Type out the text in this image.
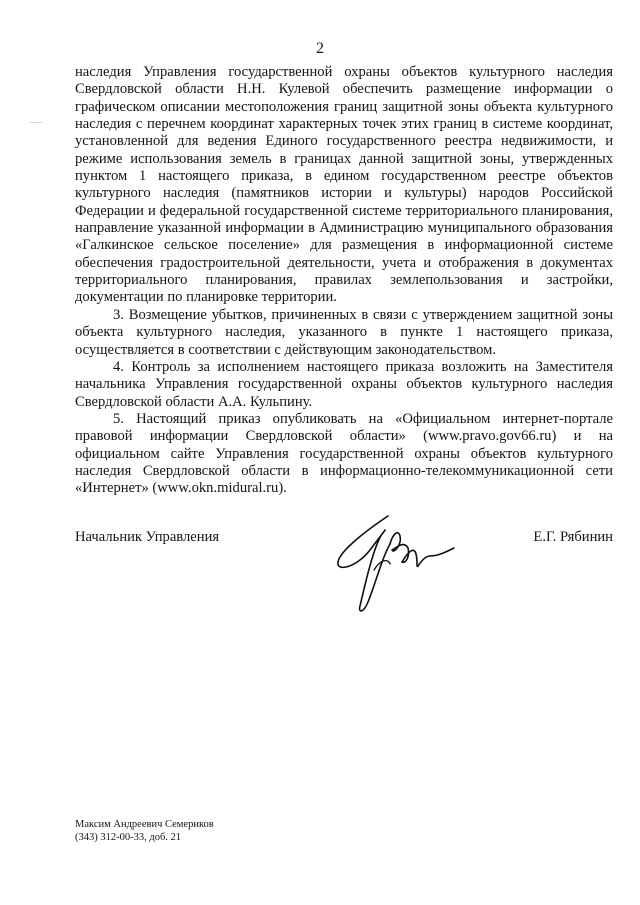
2

наследия Управления государственной охраны объектов культурного наследия Свердловской области Н.Н. Кулевой обеспечить размещение информации о графическом описании местоположения границ защитной зоны объекта культурного наследия с перечнем координат характерных точек этих границ в системе координат, установленной для ведения Единого государственного реестра недвижимости, и режиме использования земель в границах данной защитной зоны, утвержденных пунктом 1 настоящего приказа, в едином государственном реестре объектов культурного наследия (памятников истории и культуры) народов Российской Федерации и федеральной государственной системе территориального планирования, направление указанной информации в Администрацию муниципального образования «Галкинское сельское поселение» для размещения в информационной системе обеспечения градостроительной деятельности, учета и отображения в документах территориального планирования, правилах землепользования и застройки, документации по планировке территории.

3. Возмещение убытков, причиненных в связи с утверждением защитной зоны объекта культурного наследия, указанного в пункте 1 настоящего приказа, осуществляется в соответствии с действующим законодательством.

4. Контроль за исполнением настоящего приказа возложить на Заместителя начальника Управления государственной охраны объектов культурного наследия Свердловской области А.А. Кульпину.

5. Настоящий приказ опубликовать на «Официальном интернет-портале правовой информации Свердловской области» (www.pravo.gov66.ru) и на официальном сайте Управления государственной охраны объектов культурного наследия Свердловской области в информационно-телекоммуникационной сети «Интернет» (www.okn.midural.ru).

Начальник Управления	Е.Г. Рябинин
Максим Андреевич Семериков
(343) 312-00-33, доб. 21
